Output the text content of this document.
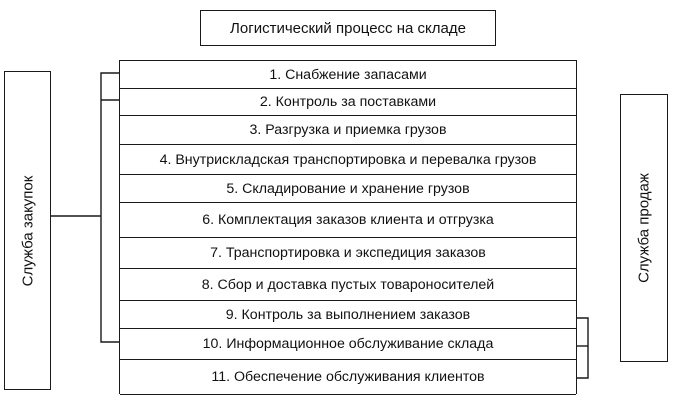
Логистический процесс на складе
1. Снабжение запасами
2. Контроль за поставками
3. Разгрузка и приемка грузов
4. Внутрискладская транспортировка и перевалка грузов
5. Складирование и хранение грузов
6. Комплектация заказов клиента и отгрузка
7. Транспортировка и экспедиция заказов
8. Сбор и доставка пустых товароносителей
9. Контроль за выполнением заказов
10. Информационное обслуживание склада
11. Обеспечение обслуживания клиентов
Служба закупок	Служба продаж
